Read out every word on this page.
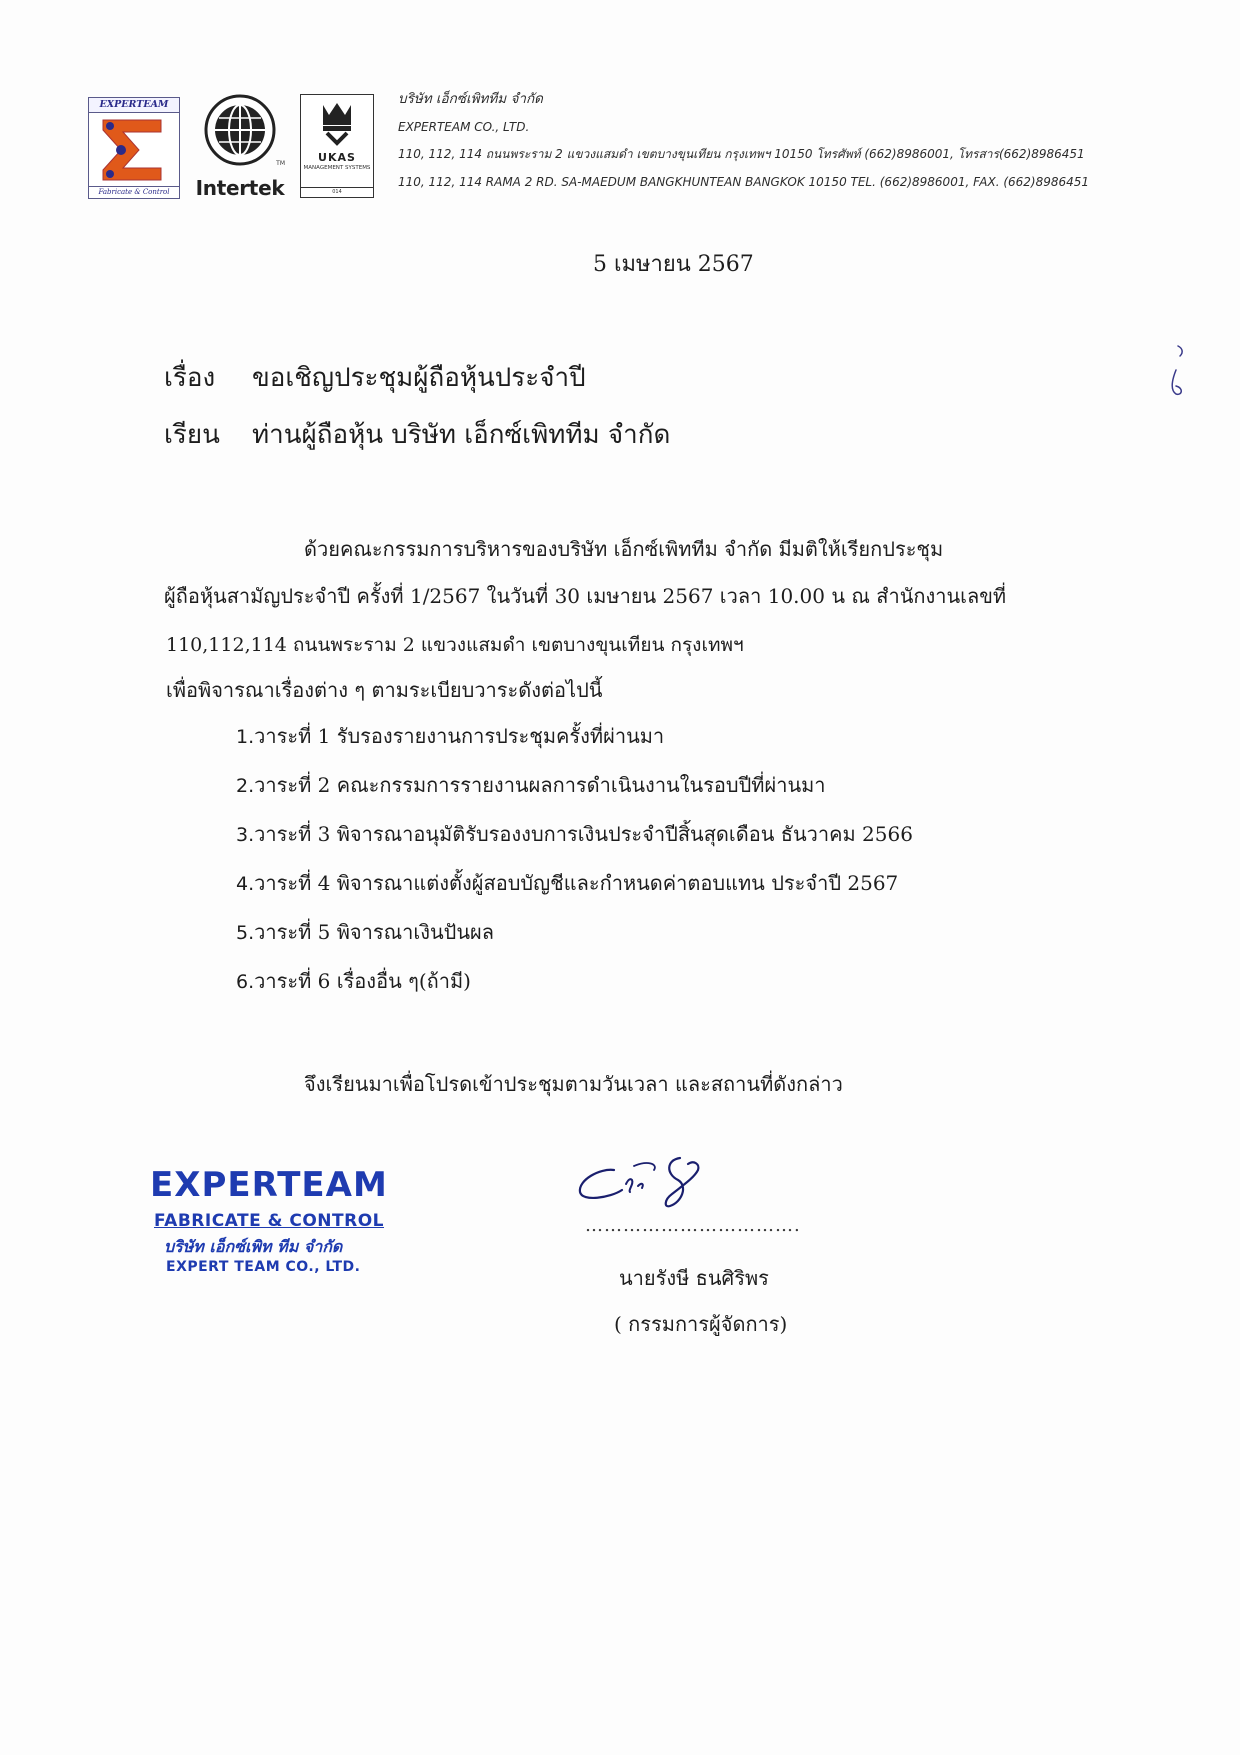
EXPERTEAM
Fabricate & Control
TM
Intertek
UKAS
MANAGEMENT SYSTEMS
014
บริษัท เอ็กซ์เพิททีม จำกัด
EXPERTEAM CO., LTD.
110, 112, 114 ถนนพระราม 2 แขวงแสมดำ เขตบางขุนเทียน กรุงเทพฯ 10150 โทรศัพท์ (662)8986001, โทรสาร(662)8986451
110, 112, 114 RAMA 2 RD. SA-MAEDUM BANGKHUNTEAN BANGKOK 10150 TEL. (662)8986001, FAX. (662)8986451
5 เมษายน 2567
เรื่อง ขอเชิญประชุมผู้ถือหุ้นประจำปี
เรียน ท่านผู้ถือหุ้น บริษัท เอ็กซ์เพิททีม จำกัด
ด้วยคณะกรรมการบริหารของบริษัท เอ็กซ์เพิททีม จำกัด มีมติให้เรียกประชุม
ผู้ถือหุ้นสามัญประจำปี ครั้งที่ 1/2567 ในวันที่ 30 เมษายน 2567 เวลา 10.00 น ณ สำนักงานเลขที่
110,112,114 ถนนพระราม 2 แขวงแสมดำ เขตบางขุนเทียน กรุงเทพฯ
เพื่อพิจารณาเรื่องต่าง ๆ ตามระเบียบวาระดังต่อไปนี้
1.วาระที่ 1 รับรองรายงานการประชุมครั้งที่ผ่านมา
2.วาระที่ 2 คณะกรรมการรายงานผลการดำเนินงานในรอบปีที่ผ่านมา
3.วาระที่ 3 พิจารณาอนุมัติรับรองงบการเงินประจำปีสิ้นสุดเดือน ธันวาคม 2566
4.วาระที่ 4 พิจารณาแต่งตั้งผู้สอบบัญชีและกำหนดค่าตอบแทน ประจำปี 2567
5.วาระที่ 5 พิจารณาเงินปันผล
6.วาระที่ 6 เรื่องอื่น ๆ(ถ้ามี)
จึงเรียนมาเพื่อโปรดเข้าประชุมตามวันเวลา และสถานที่ดังกล่าว
EXPERTEAM
FABRICATE & CONTROL
บริษัท เอ็กซ์เพิท ทีม จำกัด
EXPERT TEAM CO., LTD.
…………………………….
นายรังษี ธนศิริพร
( กรรมการผู้จัดการ)
